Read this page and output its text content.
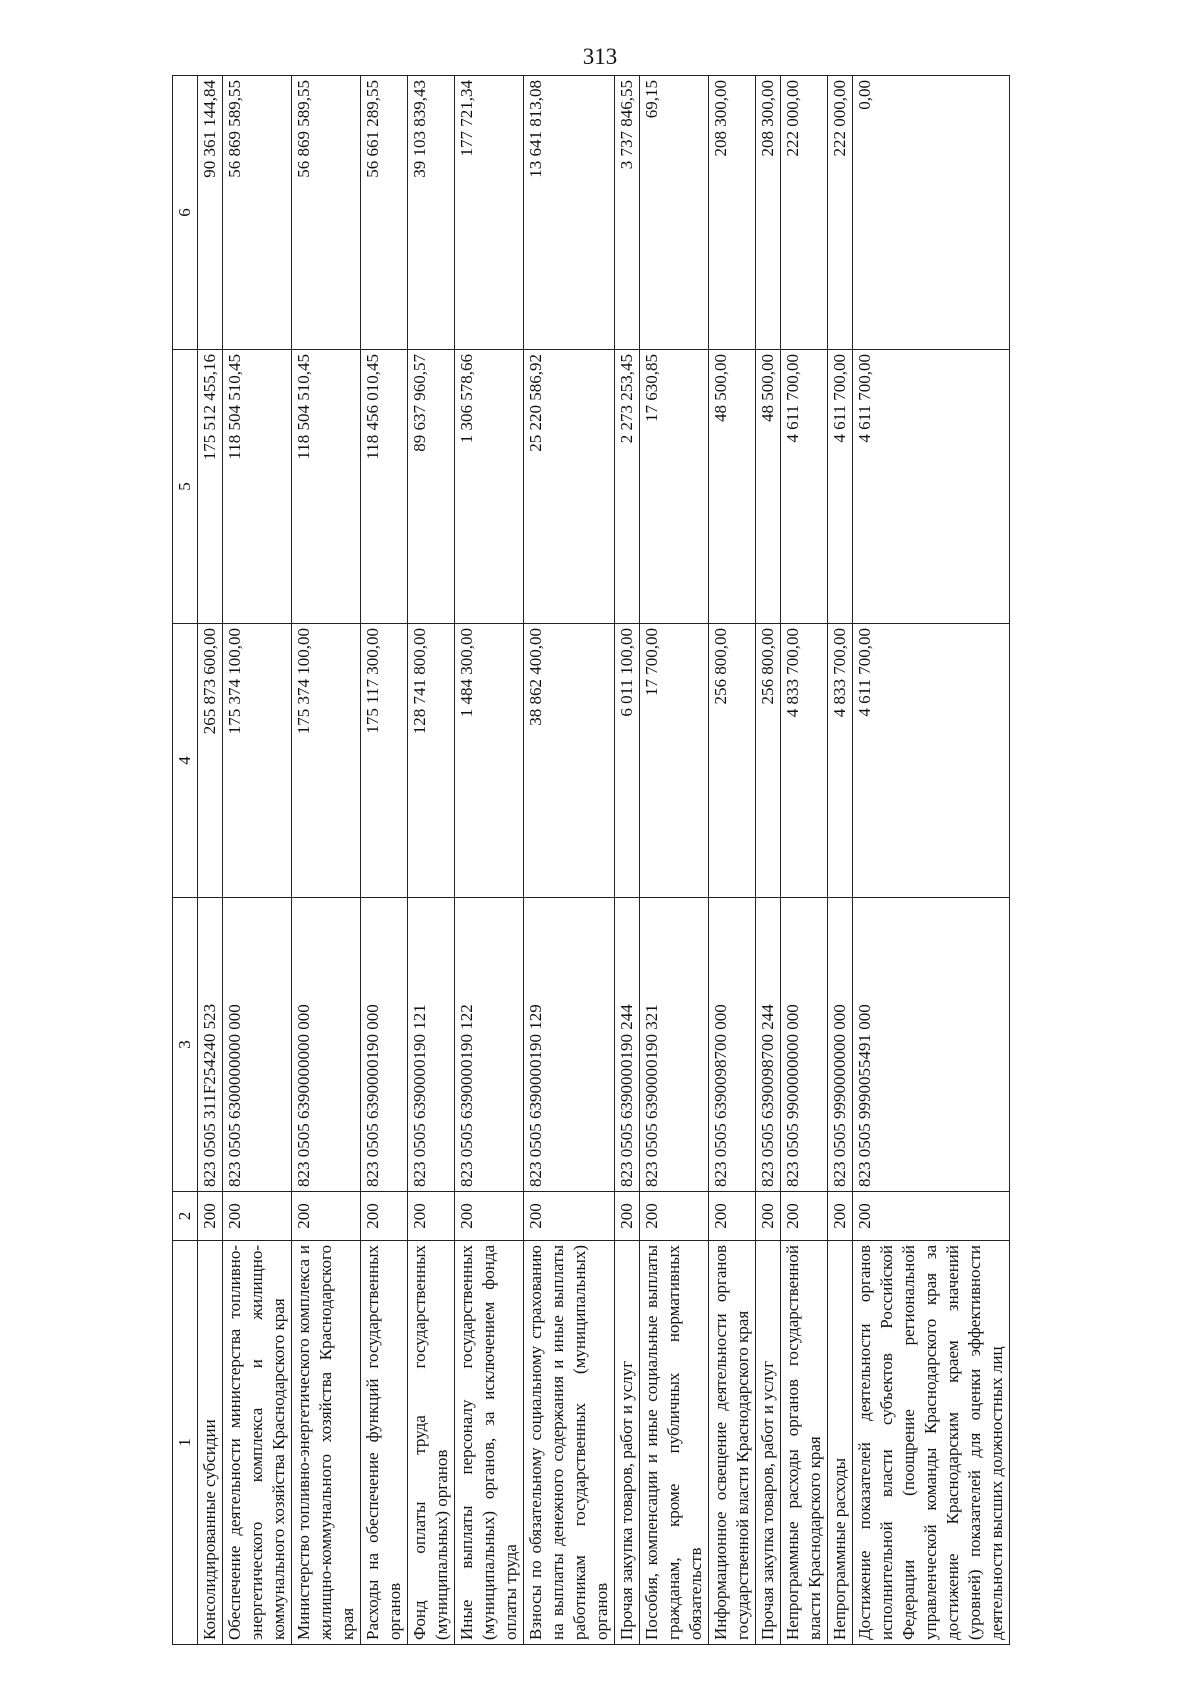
313
1	2	3	4	5	6
Консолидированные субсидии	200	823 0505 311F254240 523	265 873 600,00	175 512 455,16	90 361 144,84
Обеспечение деятельности министерства топливно-энергетического комплекса и жилищно-коммунального хозяйства Краснодарского края	200	823 0505 6300000000 000	175 374 100,00	118 504 510,45	56 869 589,55
Министерство топливно-энергетического комплекса и жилищно-коммунального хозяйства Краснодарского края	200	823 0505 6390000000 000	175 374 100,00	118 504 510,45	56 869 589,55
Расходы на обеспечение функций государственных органов	200	823 0505 6390000190 000	175 117 300,00	118 456 010,45	56 661 289,55
Фонд оплаты труда государственных (муниципальных) органов	200	823 0505 6390000190 121	128 741 800,00	89 637 960,57	39 103 839,43
Иные выплаты персоналу государственных (муниципальных) органов, за исключением фонда оплаты труда	200	823 0505 6390000190 122	1 484 300,00	1 306 578,66	177 721,34
Взносы по обязательному социальному страхованию на выплаты денежного содержания и иные выплаты работникам государственных (муниципальных) органов	200	823 0505 6390000190 129	38 862 400,00	25 220 586,92	13 641 813,08
Прочая закупка товаров, работ и услуг	200	823 0505 6390000190 244	6 011 100,00	2 273 253,45	3 737 846,55
Пособия, компенсации и иные социальные выплаты гражданам, кроме публичных нормативных обязательств	200	823 0505 6390000190 321	17 700,00	17 630,85	69,15
Информационное освещение деятельности органов государственной власти Краснодарского края	200	823 0505 6390098700 000	256 800,00	48 500,00	208 300,00
Прочая закупка товаров, работ и услуг	200	823 0505 6390098700 244	256 800,00	48 500,00	208 300,00
Непрограммные расходы органов государственной власти Краснодарского края	200	823 0505 9900000000 000	4 833 700,00	4 611 700,00	222 000,00
Непрограммные расходы	200	823 0505 9990000000 000	4 833 700,00	4 611 700,00	222 000,00
Достижение показателей деятельности органов исполнительной власти субъектов Российской Федерации (поощрение региональной управленческой команды Краснодарского края за достижение Краснодарским краем значений (уровней) показателей для оценки эффективности деятельности высших должностных лиц	200	823 0505 9990055491 000	4 611 700,00	4 611 700,00	0,00
